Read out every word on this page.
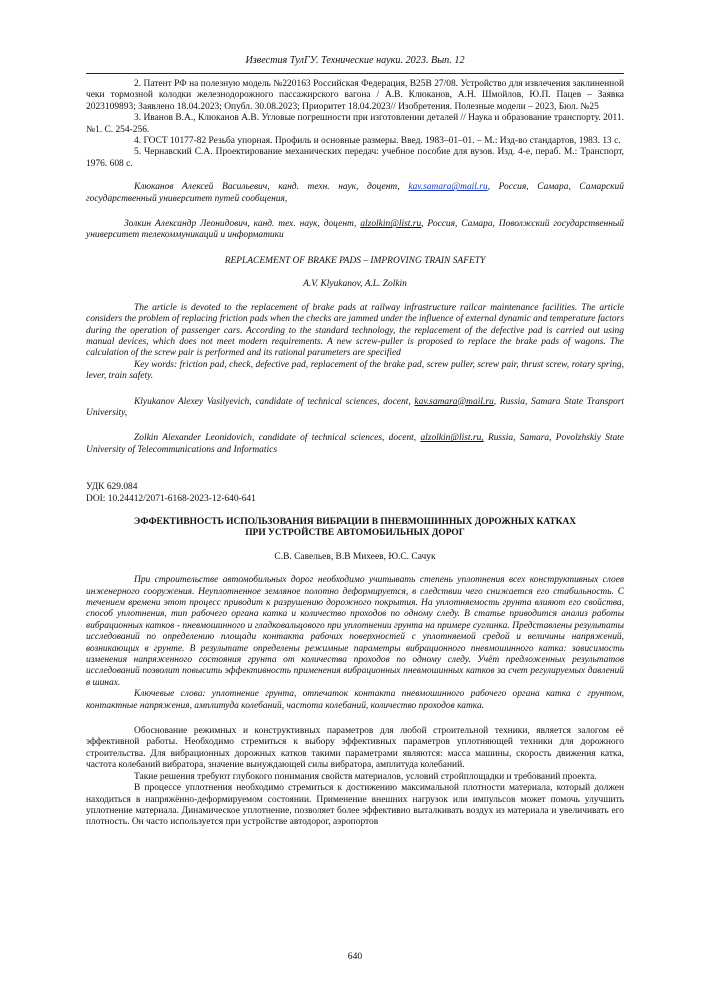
Известия ТулГУ. Технические науки. 2023. Вып. 12

2. Патент РФ на полезную модель №220163 Российская Федерация, В25В 27/08. Устройство для извлечения заклиненной чеки тормозной колодки железнодорожного пассажирского вагона / А.В. Клюканов, А.Н. Шмойлов, Ю.П. Пацев – Заявка 2023109893; Заявлено 18.04.2023; Опубл. 30.08.2023; Приоритет 18.04.2023// Изобретения. Полезные модели – 2023, Бюл. №25

3. Иванов В.А., Клюканов А.В. Угловые погрешности при изготовлении деталей // Наука и образование транспорту. 2011. №1. С. 254-256.

4. ГОСТ 10177-82 Резьба упорная. Профиль и основные размеры. Введ. 1983–01–01. – М.: Изд-во стандартов, 1983. 13 с.

5. Чернавский С.А. Проектирование механических передач: учебное пособие для вузов. Изд. 4-е, пераб. М.: Транспорт, 1976. 608 с.

Клюканов Алексей Васильевич, канд. техн. наук, доцент, kav.samara@mail.ru, Россия, Самара, Самарский государственный университет путей сообщения,

Золкин Александр Леонидович, канд. тех. наук, доцент, alzolkin@list.ru, Россия, Самара, Поволжский государственный университет телекоммуникаций и информатики

REPLACEMENT OF BRAKE PADS – IMPROVING TRAIN SAFETY

A.V. Klyukanov, A.L. Zolkin

The article is devoted to the replacement of brake pads at railway infrastructure railcar maintenance facilities. The article considers the problem of replacing friction pads when the checks are jammed under the influence of external dynamic and temperature factors during the operation of passenger cars. According to the standard technology, the replacement of the defective pad is carried out using manual devices, which does not meet modern requirements. A new screw-puller is proposed to replace the brake pads of wagons. The calculation of the screw pair is performed and its rational parameters are specified

Key words: friction pad, check, defective pad, replacement of the brake pad, screw puller, screw pair, thrust screw, rotary spring, lever, train safety.

Klyukanov Alexey Vasilyevich, candidate of technical sciences, docent, kav.samara@mail.ru, Russia, Samara State Transport University,

Zolkin Alexander Leonidovich, candidate of technical sciences, docent, alzolkin@list.ru, Russia, Samara, Povolzhskiy State University of Telecommunications and Informatics

УДК 629.084

DOI: 10.24412/2071-6168-2023-12-640-641

ЭФФЕКТИВНОСТЬ ИСПОЛЬЗОВАНИЯ ВИБРАЦИИ В ПНЕВМОШИННЫХ ДОРОЖНЫХ КАТКАХ
ПРИ УСТРОЙСТВЕ АВТОМОБИЛЬНЫХ ДОРОГ

С.В. Савельев, В.В Михеев, Ю.С. Сачук

При строительстве автомобильных дорог необходимо учитывать степень уплотнения всех конструктивных слоев инженерного сооружения. Неуплотненное земляное полотно деформируется, в следствии чего снижается его стабильность. С течением времени этот процесс приводит к разрушению дорожного покрытия. На уплотняемость грунта влияют его свойства, способ уплотнения, тип рабочего органа катка и количество проходов по одному следу. В статье приводится анализ работы вибрационных катков - пневмошинного и гладковальцового при уплотнении грунта на примере суглинка. Представлены результаты исследований по определению площади контакта рабочих поверхностей с уплотняемой средой и величины напряжений, возникающих в грунте. В результате определены режимные параметры вибрационного пневмошинного катка: зависимость изменения напряженного состояния грунта от количества проходов по одному следу. Учёт предложенных результатов исследований позволит повысить эффективность применения вибрационных пневмошинных катков за счет регулируемых давлений в шинах.

Ключевые слова: уплотнение грунта, отпечаток контакта пневмошинного рабочего органа катка с грунтом, контактные напряжения, амплитуда колебаний, частота колебаний, количество проходов катка.

Обоснование режимных и конструктивных параметров для любой строительной техники, является залогом её эффективной работы. Необходимо стремиться к выбору эффективных параметров уплотняющей техники для дорожного строительства. Для вибрационных дорожных катков такими параметрами являются: масса машины, скорость движения катка, частота колебаний вибратора, значение вынуждающей силы вибратора, амплитуда колебаний.

Такие решения требуют глубокого понимания свойств материалов, условий стройплощадки и требований проекта.

В процессе уплотнения необходимо стремиться к достижению максимальной плотности материала, который должен находиться в напряжённо-деформируемом состоянии. Применение внешних нагрузок или импульсов может помочь улучшить уплотнение материала. Динамическое уплотнение, позволяет более эффективно выталкивать воздух из материала и увеличивать его плотность. Он часто используется при устройстве автодорог, аэропортов

640
